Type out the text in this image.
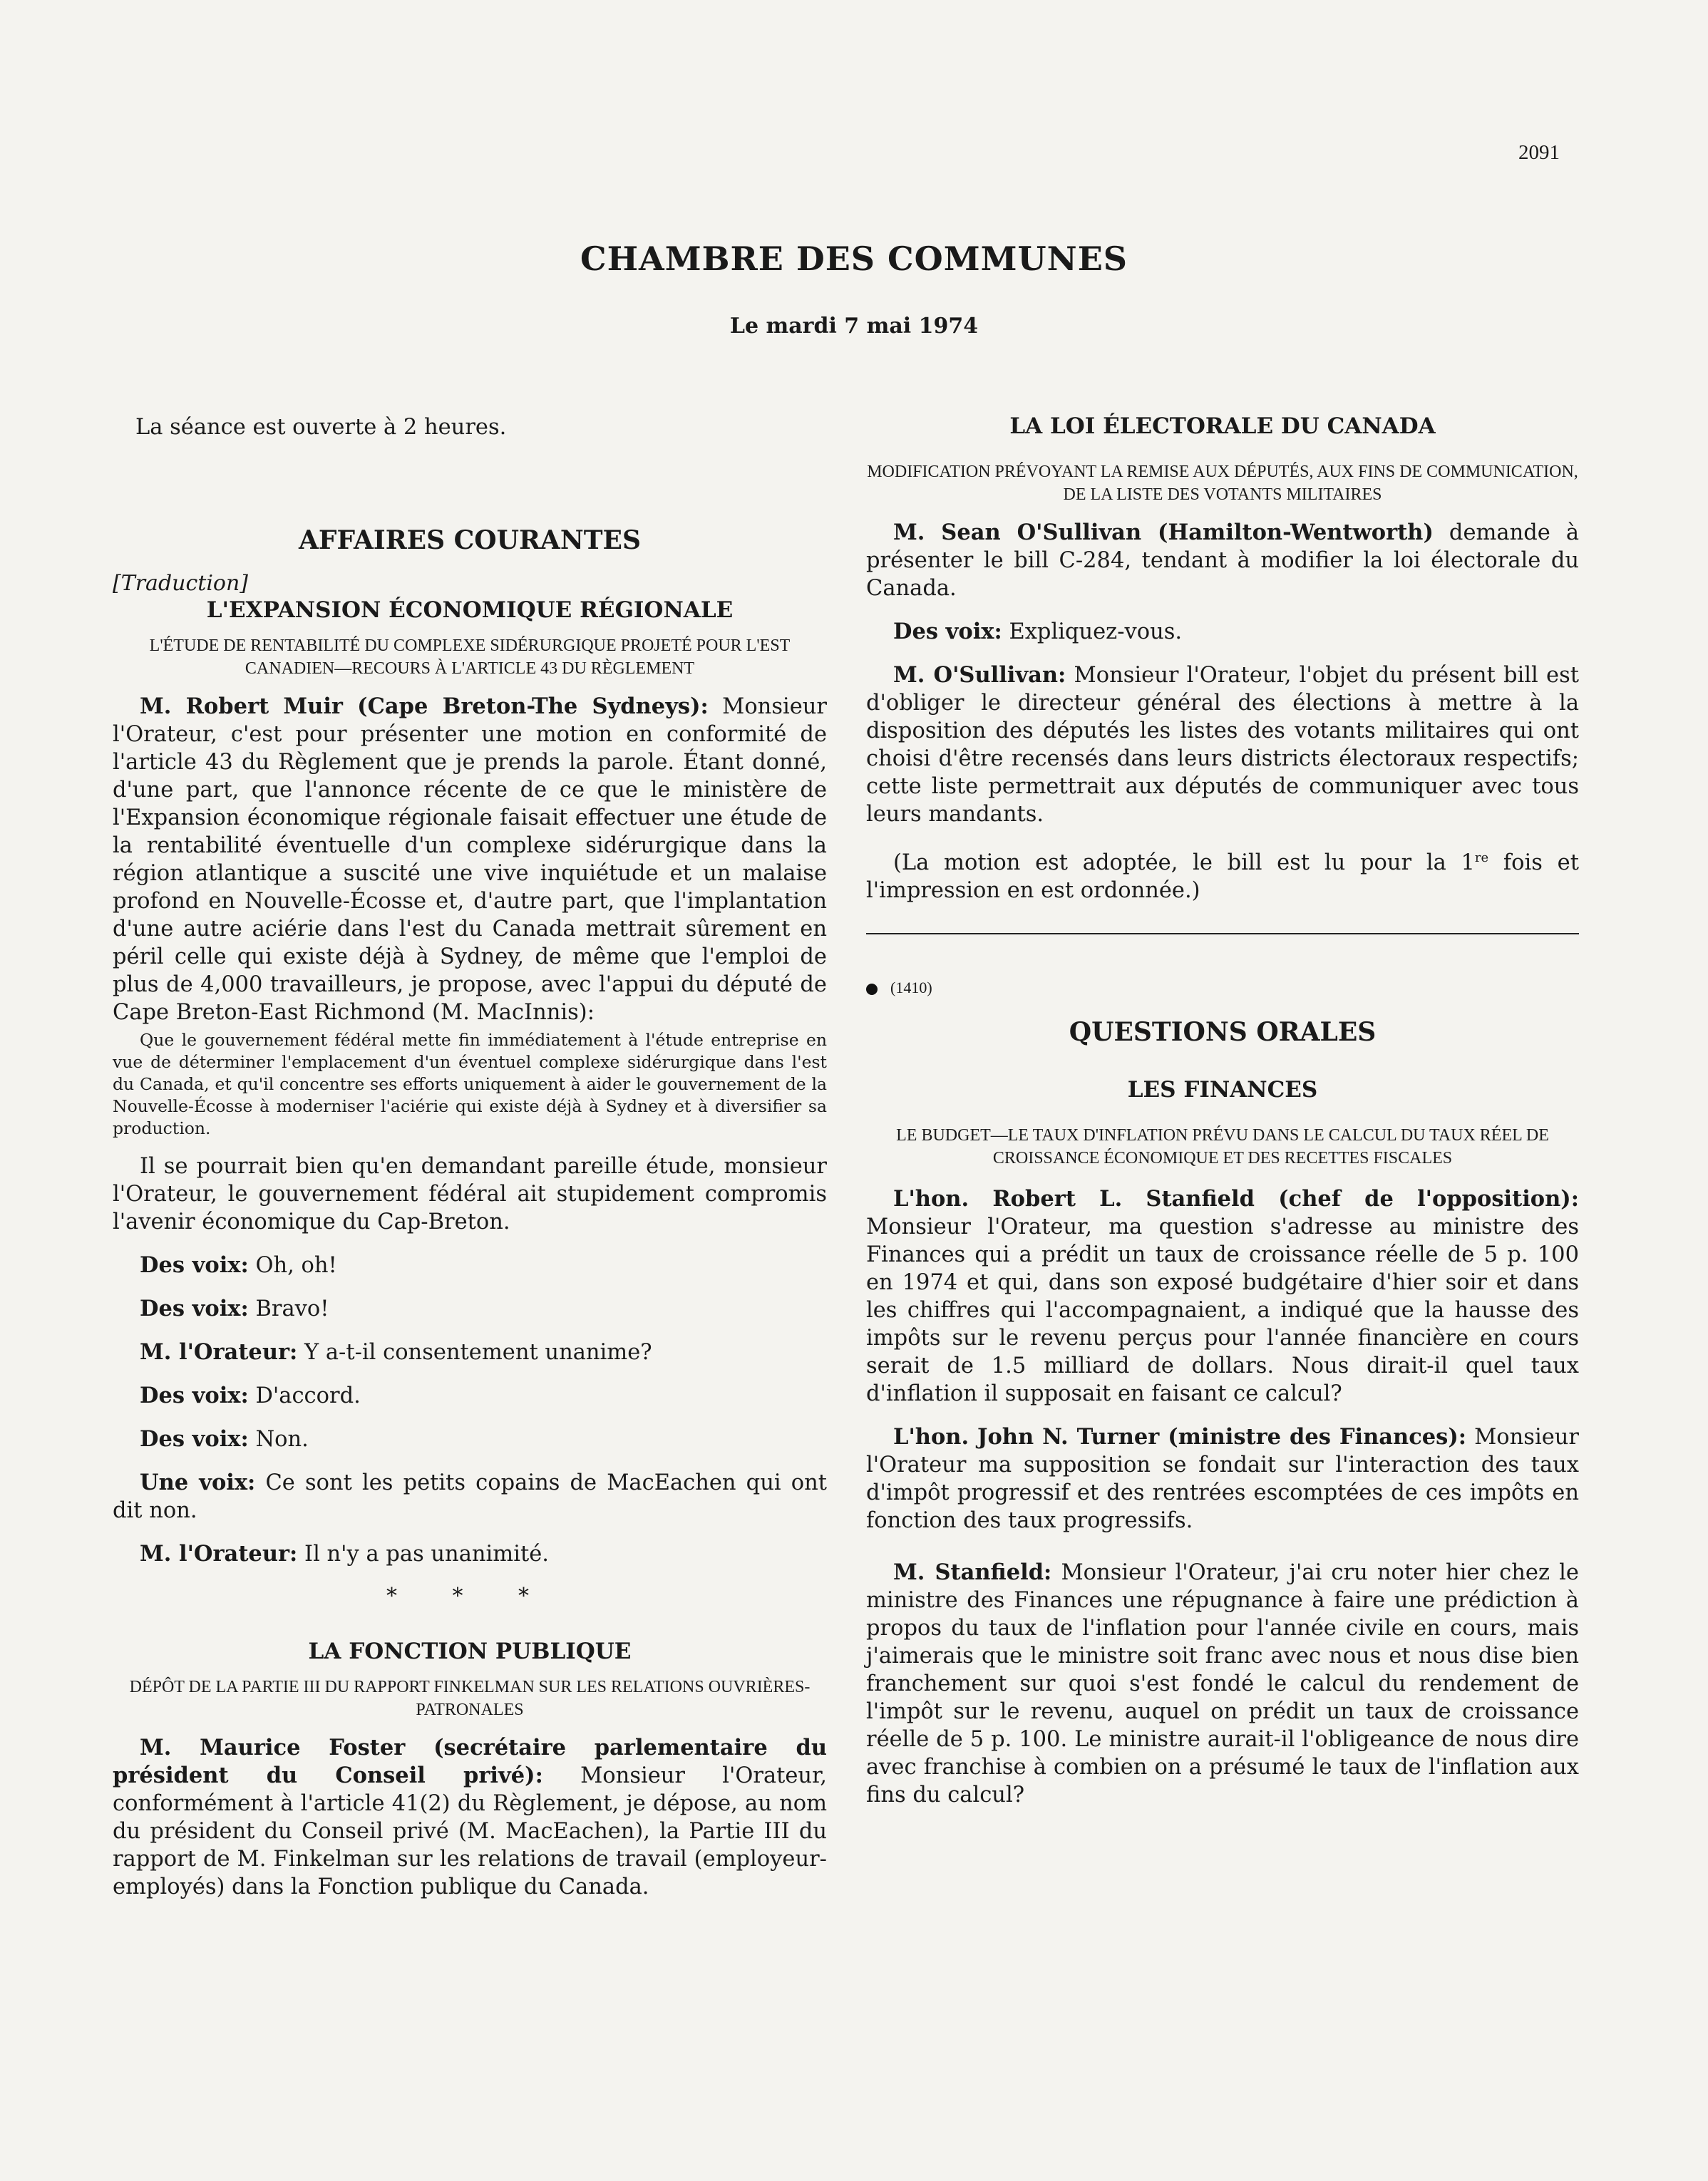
2091
CHAMBRE DES COMMUNES
Le mardi 7 mai 1974

La séance est ouverte à 2 heures.

AFFAIRES COURANTES
[Traduction]
L'EXPANSION ÉCONOMIQUE RÉGIONALE
L'ÉTUDE DE RENTABILITÉ DU COMPLEXE SIDÉRURGIQUE PROJETÉ POUR L'EST CANADIEN—RECOURS À L'ARTICLE 43 DU RÈGLEMENT

M. Robert Muir (Cape Breton-The Sydneys): Monsieur l'Orateur, c'est pour présenter une motion en conformité de l'article 43 du Règlement que je prends la parole. Étant donné, d'une part, que l'annonce récente de ce que le ministère de l'Expansion économique régionale faisait effectuer une étude de la rentabilité éventuelle d'un complexe sidérurgique dans la région atlantique a suscité une vive inquiétude et un malaise profond en Nouvelle-Écosse et, d'autre part, que l'implantation d'une autre aciérie dans l'est du Canada mettrait sûrement en péril celle qui existe déjà à Sydney, de même que l'emploi de plus de 4,000 travailleurs, je propose, avec l'appui du député de Cape Breton-East Richmond (M. MacInnis):

Que le gouvernement fédéral mette fin immédiatement à l'étude entreprise en vue de déterminer l'emplacement d'un éventuel complexe sidérurgique dans l'est du Canada, et qu'il concentre ses efforts uniquement à aider le gouvernement de la Nouvelle-Écosse à moderniser l'aciérie qui existe déjà à Sydney et à diversifier sa production.

Il se pourrait bien qu'en demandant pareille étude, monsieur l'Orateur, le gouvernement fédéral ait stupidement compromis l'avenir économique du Cap-Breton.

Des voix: Oh, oh!

Des voix: Bravo!

M. l'Orateur: Y a-t-il consentement unanime?

Des voix: D'accord.

Des voix: Non.

Une voix: Ce sont les petits copains de MacEachen qui ont dit non.

M. l'Orateur: Il n'y a pas unanimité.

* * *
LA FONCTION PUBLIQUE
DÉPÔT DE LA PARTIE III DU RAPPORT FINKELMAN SUR LES RELATIONS OUVRIÈRES-PATRONALES

M. Maurice Foster (secrétaire parlementaire du président du Conseil privé): Monsieur l'Orateur, conformément à l'article 41(2) du Règlement, je dépose, au nom du président du Conseil privé (M. MacEachen), la Partie III du rapport de M. Finkelman sur les relations de travail (employeur-employés) dans la Fonction publique du Canada.

LA LOI ÉLECTORALE DU CANADA
MODIFICATION PRÉVOYANT LA REMISE AUX DÉPUTÉS, AUX FINS DE COMMUNICATION, DE LA LISTE DES VOTANTS MILITAIRES

M. Sean O'Sullivan (Hamilton-Wentworth) demande à présenter le bill C-284, tendant à modifier la loi électorale du Canada.

Des voix: Expliquez-vous.

M. O'Sullivan: Monsieur l'Orateur, l'objet du présent bill est d'obliger le directeur général des élections à mettre à la disposition des députés les listes des votants militaires qui ont choisi d'être recensés dans leurs districts électoraux respectifs; cette liste permettrait aux députés de communiquer avec tous leurs mandants.

(La motion est adoptée, le bill est lu pour la 1re fois et l'impression en est ordonnée.)

(1410)
QUESTIONS ORALES
LES FINANCES
LE BUDGET—LE TAUX D'INFLATION PRÉVU DANS LE CALCUL DU TAUX RÉEL DE CROISSANCE ÉCONOMIQUE ET DES RECETTES FISCALES

L'hon. Robert L. Stanfield (chef de l'opposition): Monsieur l'Orateur, ma question s'adresse au ministre des Finances qui a prédit un taux de croissance réelle de 5 p. 100 en 1974 et qui, dans son exposé budgétaire d'hier soir et dans les chiffres qui l'accompagnaient, a indiqué que la hausse des impôts sur le revenu perçus pour l'année financière en cours serait de 1.5 milliard de dollars. Nous dirait-il quel taux d'inflation il supposait en faisant ce calcul?

L'hon. John N. Turner (ministre des Finances): Monsieur l'Orateur ma supposition se fondait sur l'interaction des taux d'impôt progressif et des rentrées escomptées de ces impôts en fonction des taux progressifs.

M. Stanfield: Monsieur l'Orateur, j'ai cru noter hier chez le ministre des Finances une répugnance à faire une prédiction à propos du taux de l'inflation pour l'année civile en cours, mais j'aimerais que le ministre soit franc avec nous et nous dise bien franchement sur quoi s'est fondé le calcul du rendement de l'impôt sur le revenu, auquel on prédit un taux de croissance réelle de 5 p. 100. Le ministre aurait-il l'obligeance de nous dire avec franchise à combien on a présumé le taux de l'inflation aux fins du calcul?
